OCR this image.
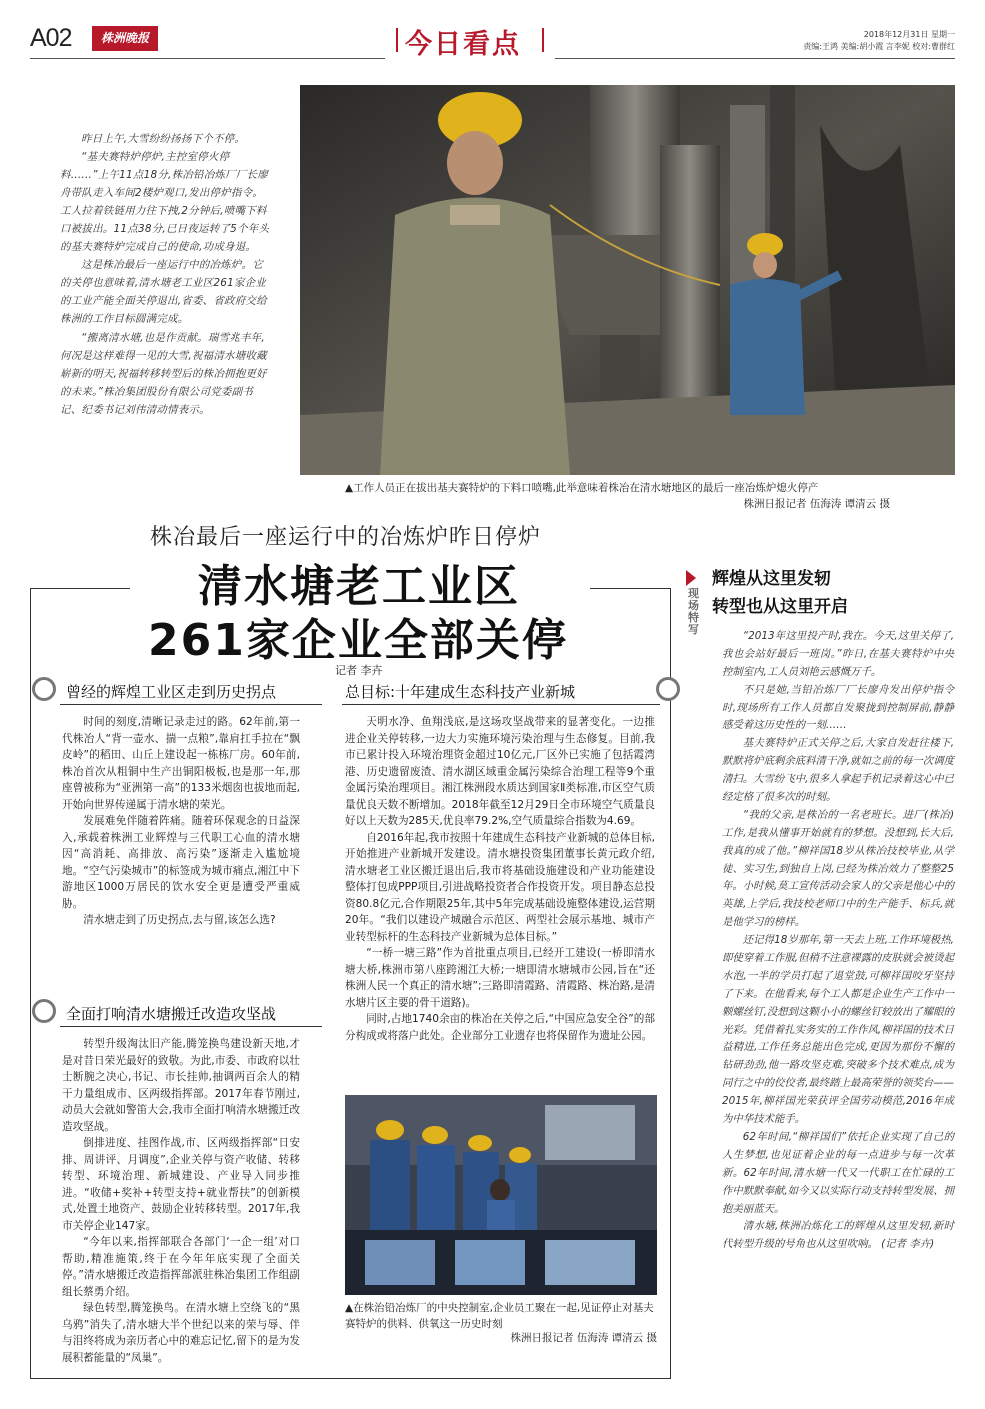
A02	株洲晚报	今日看点	2018年12月31日 星期一
责编:王鸿 美编:胡小霞 言李妮 校对:曹群红

昨日上午,大雪纷纷扬扬下个不停。

“基夫赛特炉停炉,主控室停火停料……”上午11点18分,株冶铅冶炼厂厂长廖舟带队走入车间2楼炉观口,发出停炉指令。工人拉着铁链用力往下拽,2分钟后,喷嘴下料口被拔出。11点38分,已日夜运转了5个年头的基夫赛特炉完成自己的使命,功成身退。

这是株冶最后一座运行中的冶炼炉。它的关停也意味着,清水塘老工业区261家企业的工业产能全面关停退出,省委、省政府交给株洲的工作目标圆满完成。

“搬离清水塘,也是作贡献。瑞雪兆丰年,何况是这样难得一见的大雪,祝福清水塘收藏崭新的明天,祝福转移转型后的株冶拥抱更好的未来。”株冶集团股份有限公司党委副书记、纪委书记刘伟清动情表示。

▲工作人员正在拔出基夫赛特炉的下料口喷嘴,此举意味着株冶在清水塘地区的最后一座冶炼炉熄火停产
株洲日报记者 伍海涛 谭清云 摄
株冶最后一座运行中的冶炼炉昨日停炉
清水塘老工业区
261家企业全部关停
记者 李卉
曾经的辉煌工业区走到历史拐点

时间的刻度,清晰记录走过的路。62年前,第一代株冶人“背一壶水、揣一点粮”,靠肩扛手拉在“飘皮岭”的稻田、山丘上建设起一栋栋厂房。60年前,株冶首次从粗铜中生产出铜阳极板,也是那一年,那座曾被称为“亚洲第一高”的133米烟囱也拔地而起,开始向世界传递属于清水塘的荣光。

发展难免伴随着阵痛。随着环保观念的日益深入,承载着株洲工业辉煌与三代职工心血的清水塘因“高消耗、高排放、高污染”逐渐走入尴尬境地。“空气污染城市”的标签成为城市痛点,湘江中下游地区1000万居民的饮水安全更是遭受严重威胁。

清水塘走到了历史拐点,去与留,该怎么选?

全面打响清水塘搬迁改造攻坚战

转型升级淘汰旧产能,腾笼换鸟建设新天地,才是对昔日荣光最好的致敬。为此,市委、市政府以壮士断腕之决心,书记、市长挂帅,抽调两百余人的精干力量组成市、区两级指挥部。2017年春节刚过,动员大会就如警笛大会,我市全面打响清水塘搬迁改造攻坚战。

倒排进度、挂图作战,市、区两级指挥部“日安排、周讲评、月调度”,企业关停与资产收储、转移转型、环境治理、新城建设、产业导入同步推进。“收储+奖补+转型支持+就业帮扶”的创新模式,处置土地资产、鼓励企业转移转型。2017年,我市关停企业147家。

“今年以来,指挥部联合各部门‘一企一组’对口帮助,精准施策,终于在今年年底实现了全面关停。”清水塘搬迁改造指挥部派驻株冶集团工作组副组长蔡勇介绍。

绿色转型,腾笼换鸟。在清水塘上空绕飞的“黑乌鸦”消失了,清水塘大半个世纪以来的荣与辱、伴与泪终将成为亲历者心中的难忘记忆,留下的是为发展积蓄能量的“凤巢”。

总目标:十年建成生态科技产业新城

天明水净、鱼翔浅底,是这场攻坚战带来的显著变化。一边推进企业关停转移,一边大力实施环境污染治理与生态修复。目前,我市已累计投入环境治理资金超过10亿元,厂区外已实施了包括霞湾港、历史遗留废渣、清水湖区域重金属污染综合治理工程等9个重金属污染治理项目。湘江株洲段水质达到国家Ⅱ类标准,市区空气质量优良天数不断增加。2018年截至12月29日全市环境空气质量良好以上天数为285天,优良率79.2%,空气质量综合指数为4.69。

自2016年起,我市按照十年建成生态科技产业新城的总体目标,开始推进产业新城开发建设。清水塘投资集团董事长黄元政介绍,清水塘老工业区搬迁退出后,我市将基础设施建设和产业功能建设整体打包成PPP项目,引进战略投资者合作投资开发。项目静态总投资80.8亿元,合作期限25年,其中5年完成基础设施整体建设,运营期20年。“我们以建设产城融合示范区、两型社会展示基地、城市产业转型标杆的生态科技产业新城为总体目标。”

“一桥一塘三路”作为首批重点项目,已经开工建设(一桥即清水塘大桥,株洲市第八座跨湘江大桥;一塘即清水塘城市公园,旨在“还株洲人民一个真正的清水塘”;三路即清霞路、清霞路、株冶路,是清水塘片区主要的骨干道路)。

同时,占地1740余亩的株冶在关停之后,“中国应急安全谷”的部分构成或将落户此处。企业部分工业遗存也将保留作为遗址公园。

▲在株治铅冶炼厂的中央控制室,企业员工聚在一起,见证停止对基夫赛特炉的供料、供氧这一历史时刻
株洲日报记者 伍海涛 谭清云 摄
辉煌从这里发轫
转型也从这里开启
现场特写	“2013年这里投产时,我在。今天,这里关停了,我也会站好最后一班岗。”昨日,在基夫赛特炉中央控制室内,工人员刘艳云感慨万千。

不只是她,当铅冶炼厂厂长廖舟发出停炉指令时,现场所有工作人员都自发聚拢到控制屏前,静静感受着这历史性的一刻……

基夫赛特炉正式关停之后,大家自发赶往楼下,默默将炉底剩余底料清干净,就如之前的每一次调度清扫。大雪纷飞中,很多人拿起手机记录着这心中已经定格了很多次的时刻。

“我的父亲,是株冶的一名老班长。进厂(株冶)工作,是我从懂事开始就有的梦想。没想到,长大后,我真的成了他。”柳祥国18岁从株冶技校毕业,从学徒、实习生,到独自上岗,已经为株冶效力了整整25年。小时候,莫工宣传活动会家人的父亲是他心中的英雄,上学后,我技校老师口中的生产能手、标兵,就是他学习的榜样。

还记得18岁那年,第一天去上班,工作环境极热,即使穿着工作服,但稍不注意裸露的皮肤就会被烫起水泡,一半的学员打起了退堂鼓,可柳祥国咬牙坚持了下来。在他看来,每个工人都是企业生产工作中一颗螺丝钉,没想到这颗小小的螺丝钉较放出了耀眼的光彩。凭借着扎实务实的工作作风,柳祥国的技术日益精进,工作任务总能出色完成,更因为那份不懈的钻研劲劲,他一路攻坚克难,突破多个技术难点,成为同行之中的佼佼者,最终踏上最高荣誉的领奖台——2015年,柳祥国光荣获评全国劳动模范,2016年成为中华技术能手。

62年时间,“柳祥国们”依托企业实现了自己的人生梦想,也见证着企业的每一点进步与每一次革新。62年时间,清水塘一代又一代职工在忙碌的工作中默默奉献,如今又以实际行动支持转型发展、拥抱美丽蓝天。

清水塘,株洲冶炼化工的辉煌从这里发轫,新时代转型升级的号角也从这里吹响。 (记者 李卉)
